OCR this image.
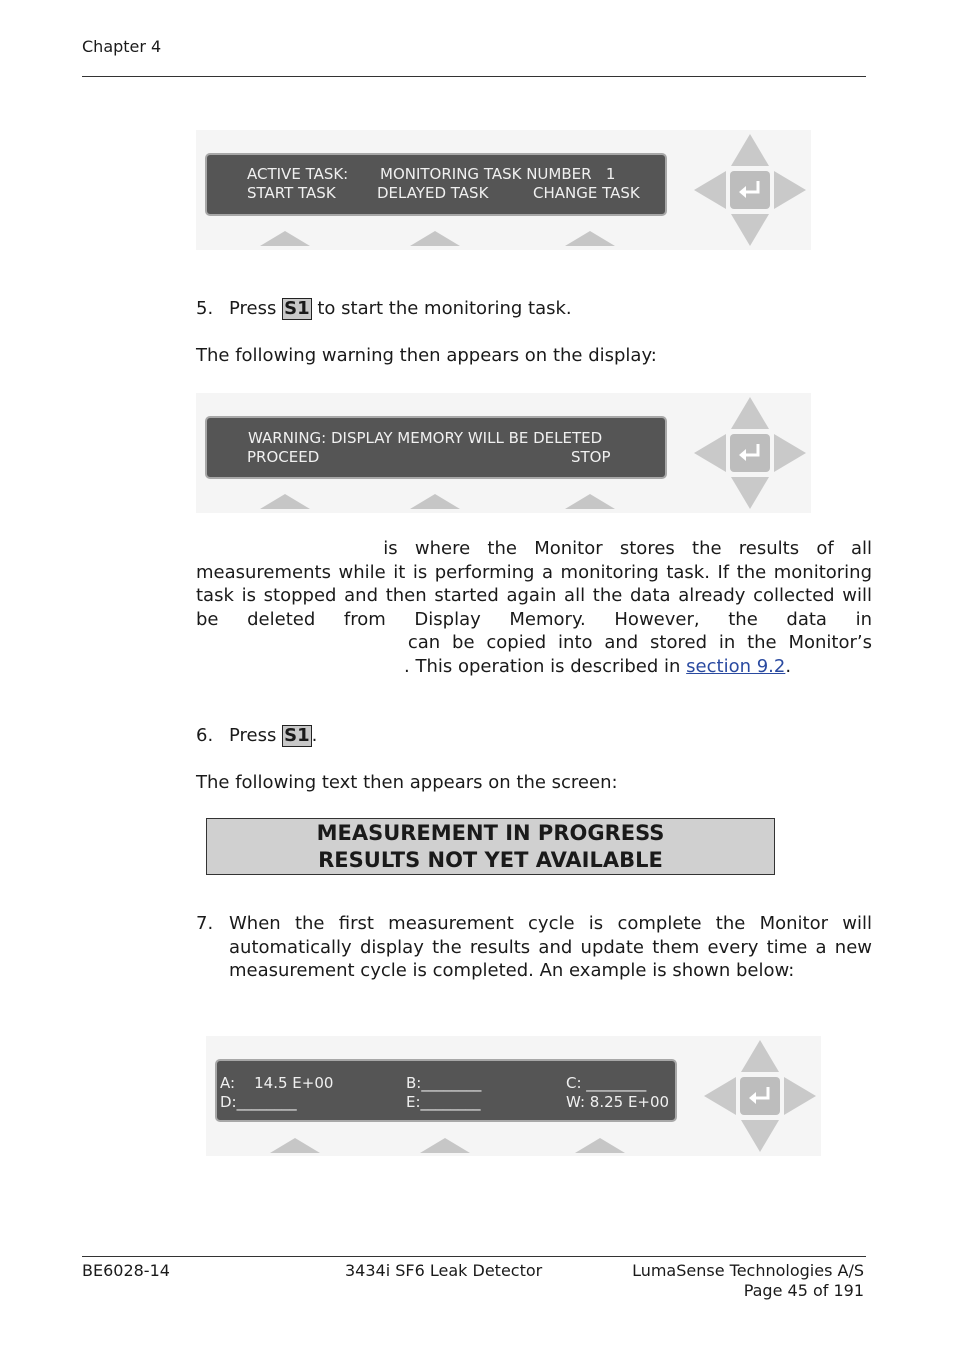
Chapter 4
ACTIVE TASK: MONITORING TASK NUMBER   1
START TASK	DELAYED TASK	CHANGE TASK
5. Press S1 to start the monitoring task.
The following warning then appears on the display:
WARNING: DISPLAY MEMORY WILL BE DELETED
PROCEED	STOP
is where the Monitor stores the results of all measurements while it is performing a monitoring task. If the monitoring task is stopped and then started again all the data already collected will be deleted from Display Memory. However, the data in  can be copied into and stored in the Monitor’s. This operation is described in section 9.2.
6. Press S1 .
The following text then appears on the screen:
MEASUREMENT IN PROGRESS
RESULTS NOT YET AVAILABLE
7. When the first measurement cycle is complete the Monitor will automatically display the results and update them every time a new measurement cycle is completed. An example is shown below:
A:    14.5 E+00	B:________	C: ________
D:________	E:________	W: 8.25 E+00
BE6028-14	3434i SF6 Leak Detector	LumaSense Technologies A/S
Page 45 of 191
